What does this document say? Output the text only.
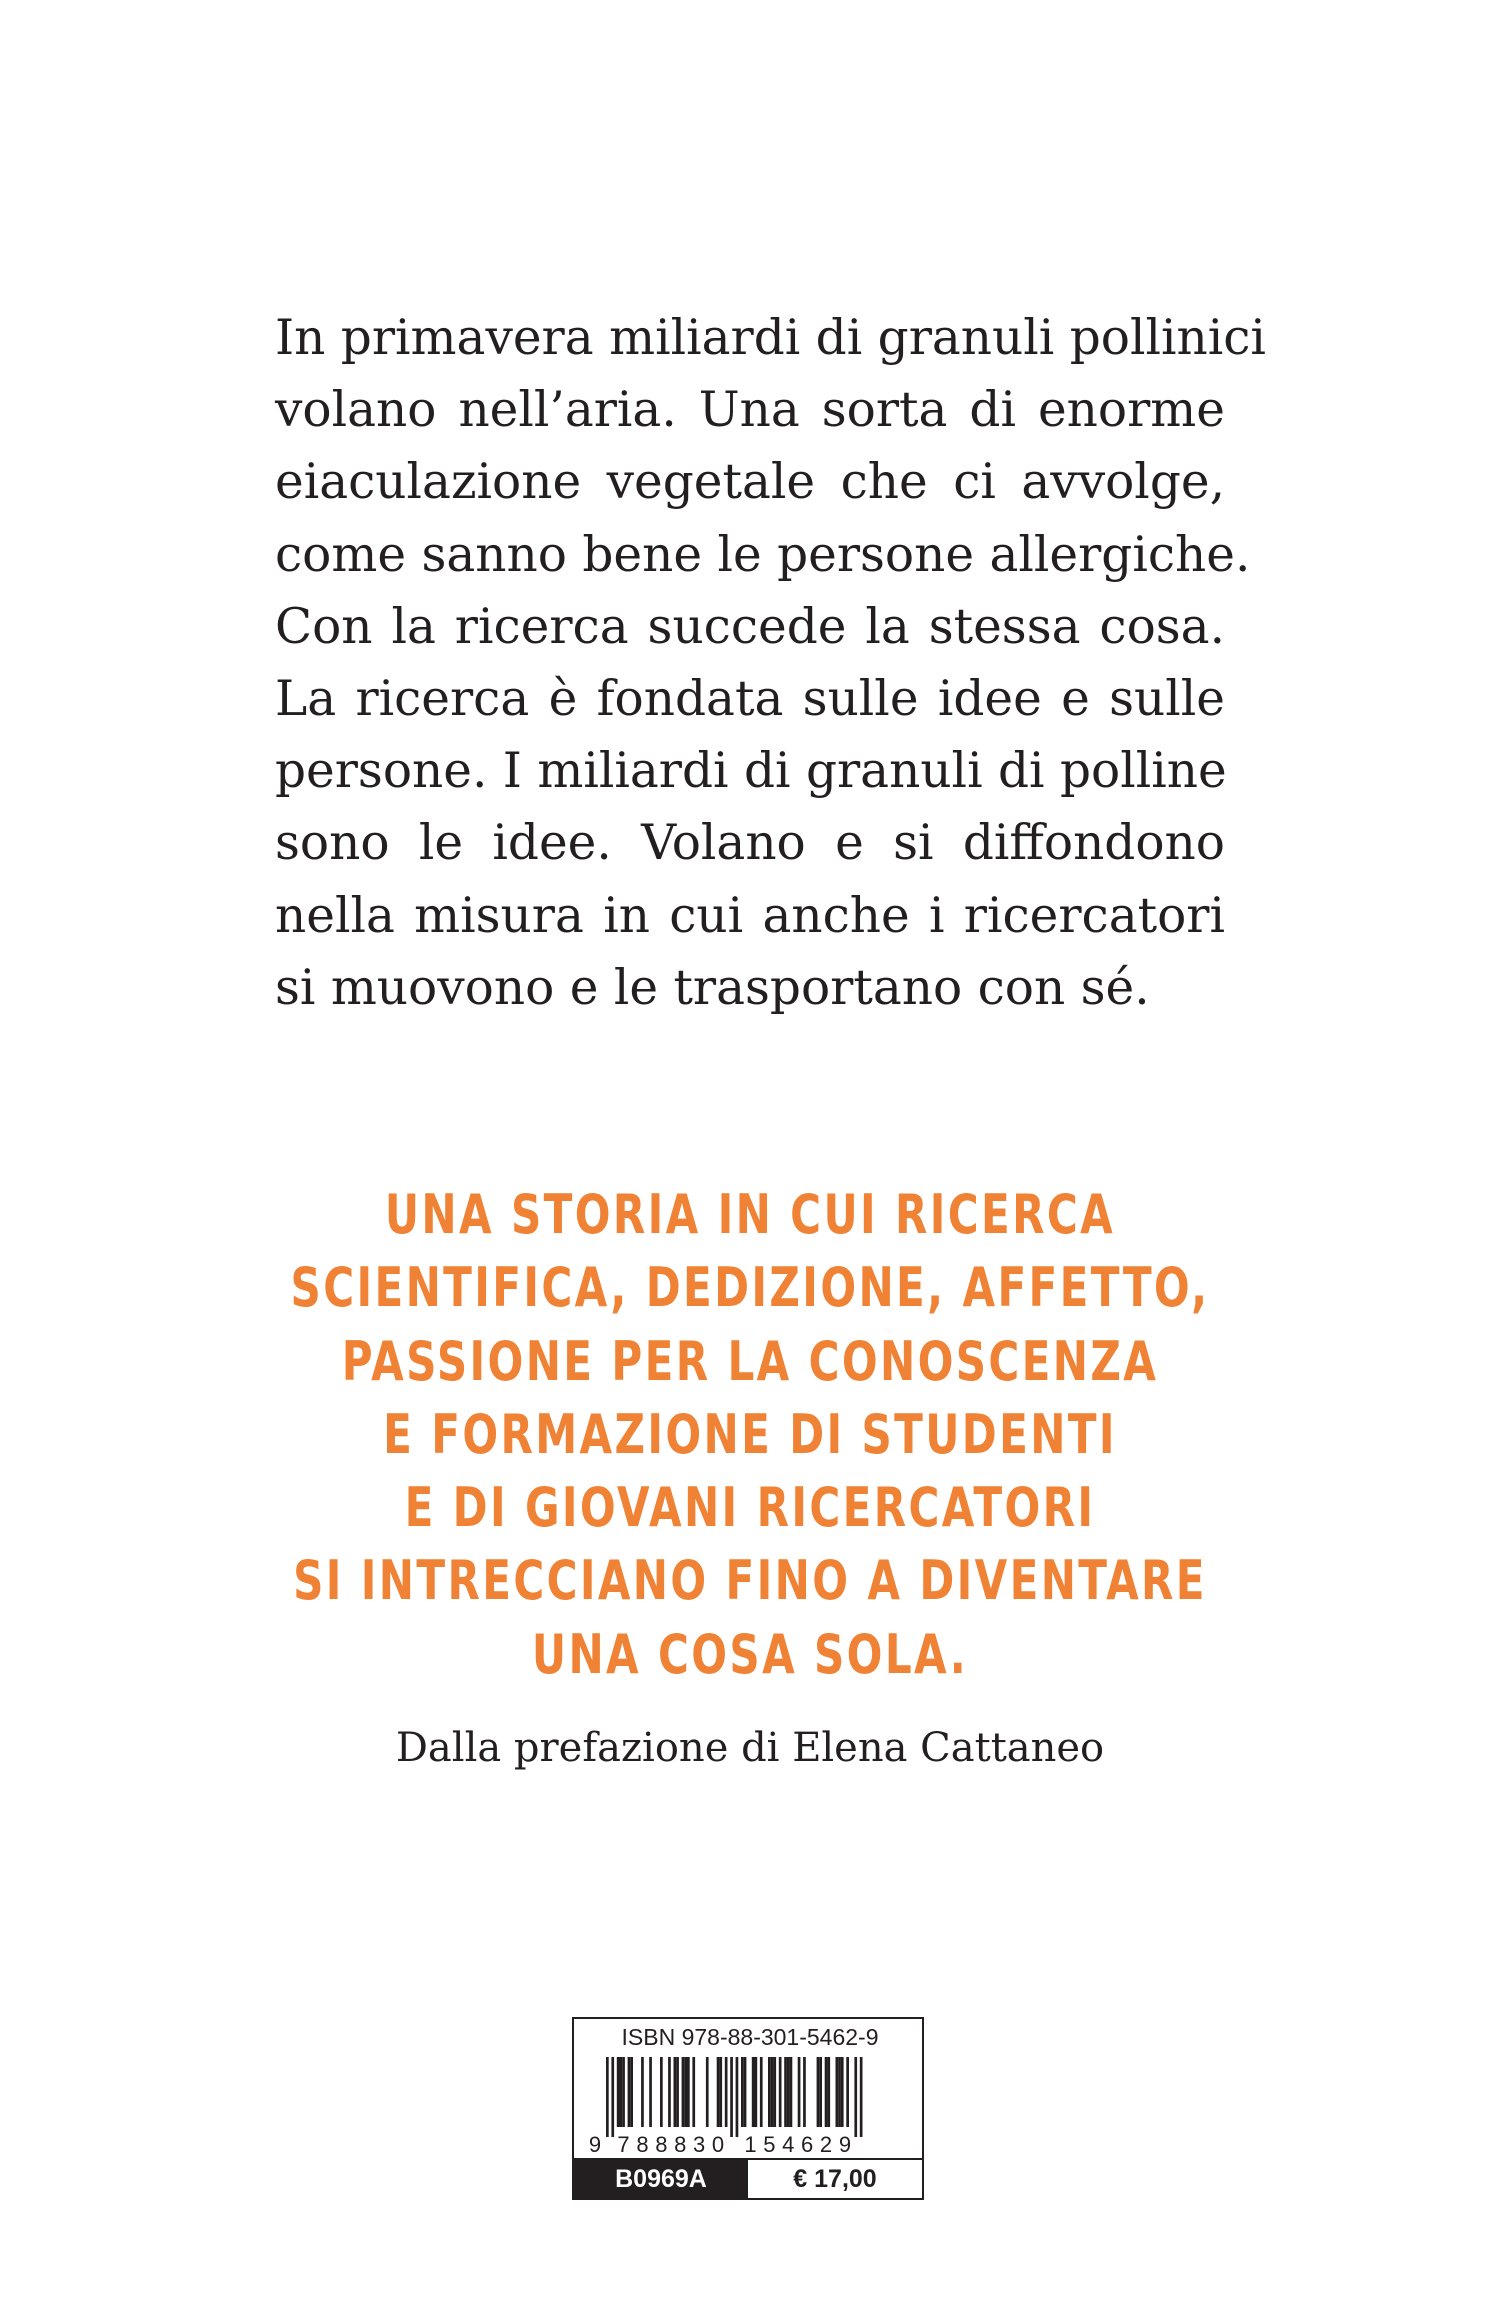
In primavera miliardi di granuli pollinici
volano nell’aria. Una sorta di enorme
eiaculazione vegetale che ci avvolge,
come sanno bene le persone allergiche.
Con la ricerca succede la stessa cosa.
La ricerca è fondata sulle idee e sulle
persone. I miliardi di granuli di polline
sono le idee. Volano e si diffondono
nella misura in cui anche i ricercatori
si muovono e le trasportano con sé.
UNA STORIA IN CUI RICERCA
SCIENTIFICA, DEDIZIONE, AFFETTO,
PASSIONE PER LA CONOSCENZA
E FORMAZIONE DI STUDENTI
E DI GIOVANI RICERCATORI
SI INTRECCIANO FINO A DIVENTARE
UNA COSA SOLA.
Dalla prefazione di Elena Cattaneo
ISBN 978-88-301-5462-9
9 7 8 8 8 3 0 1 5 4 6 2 9
B0969A	€ 17,00
